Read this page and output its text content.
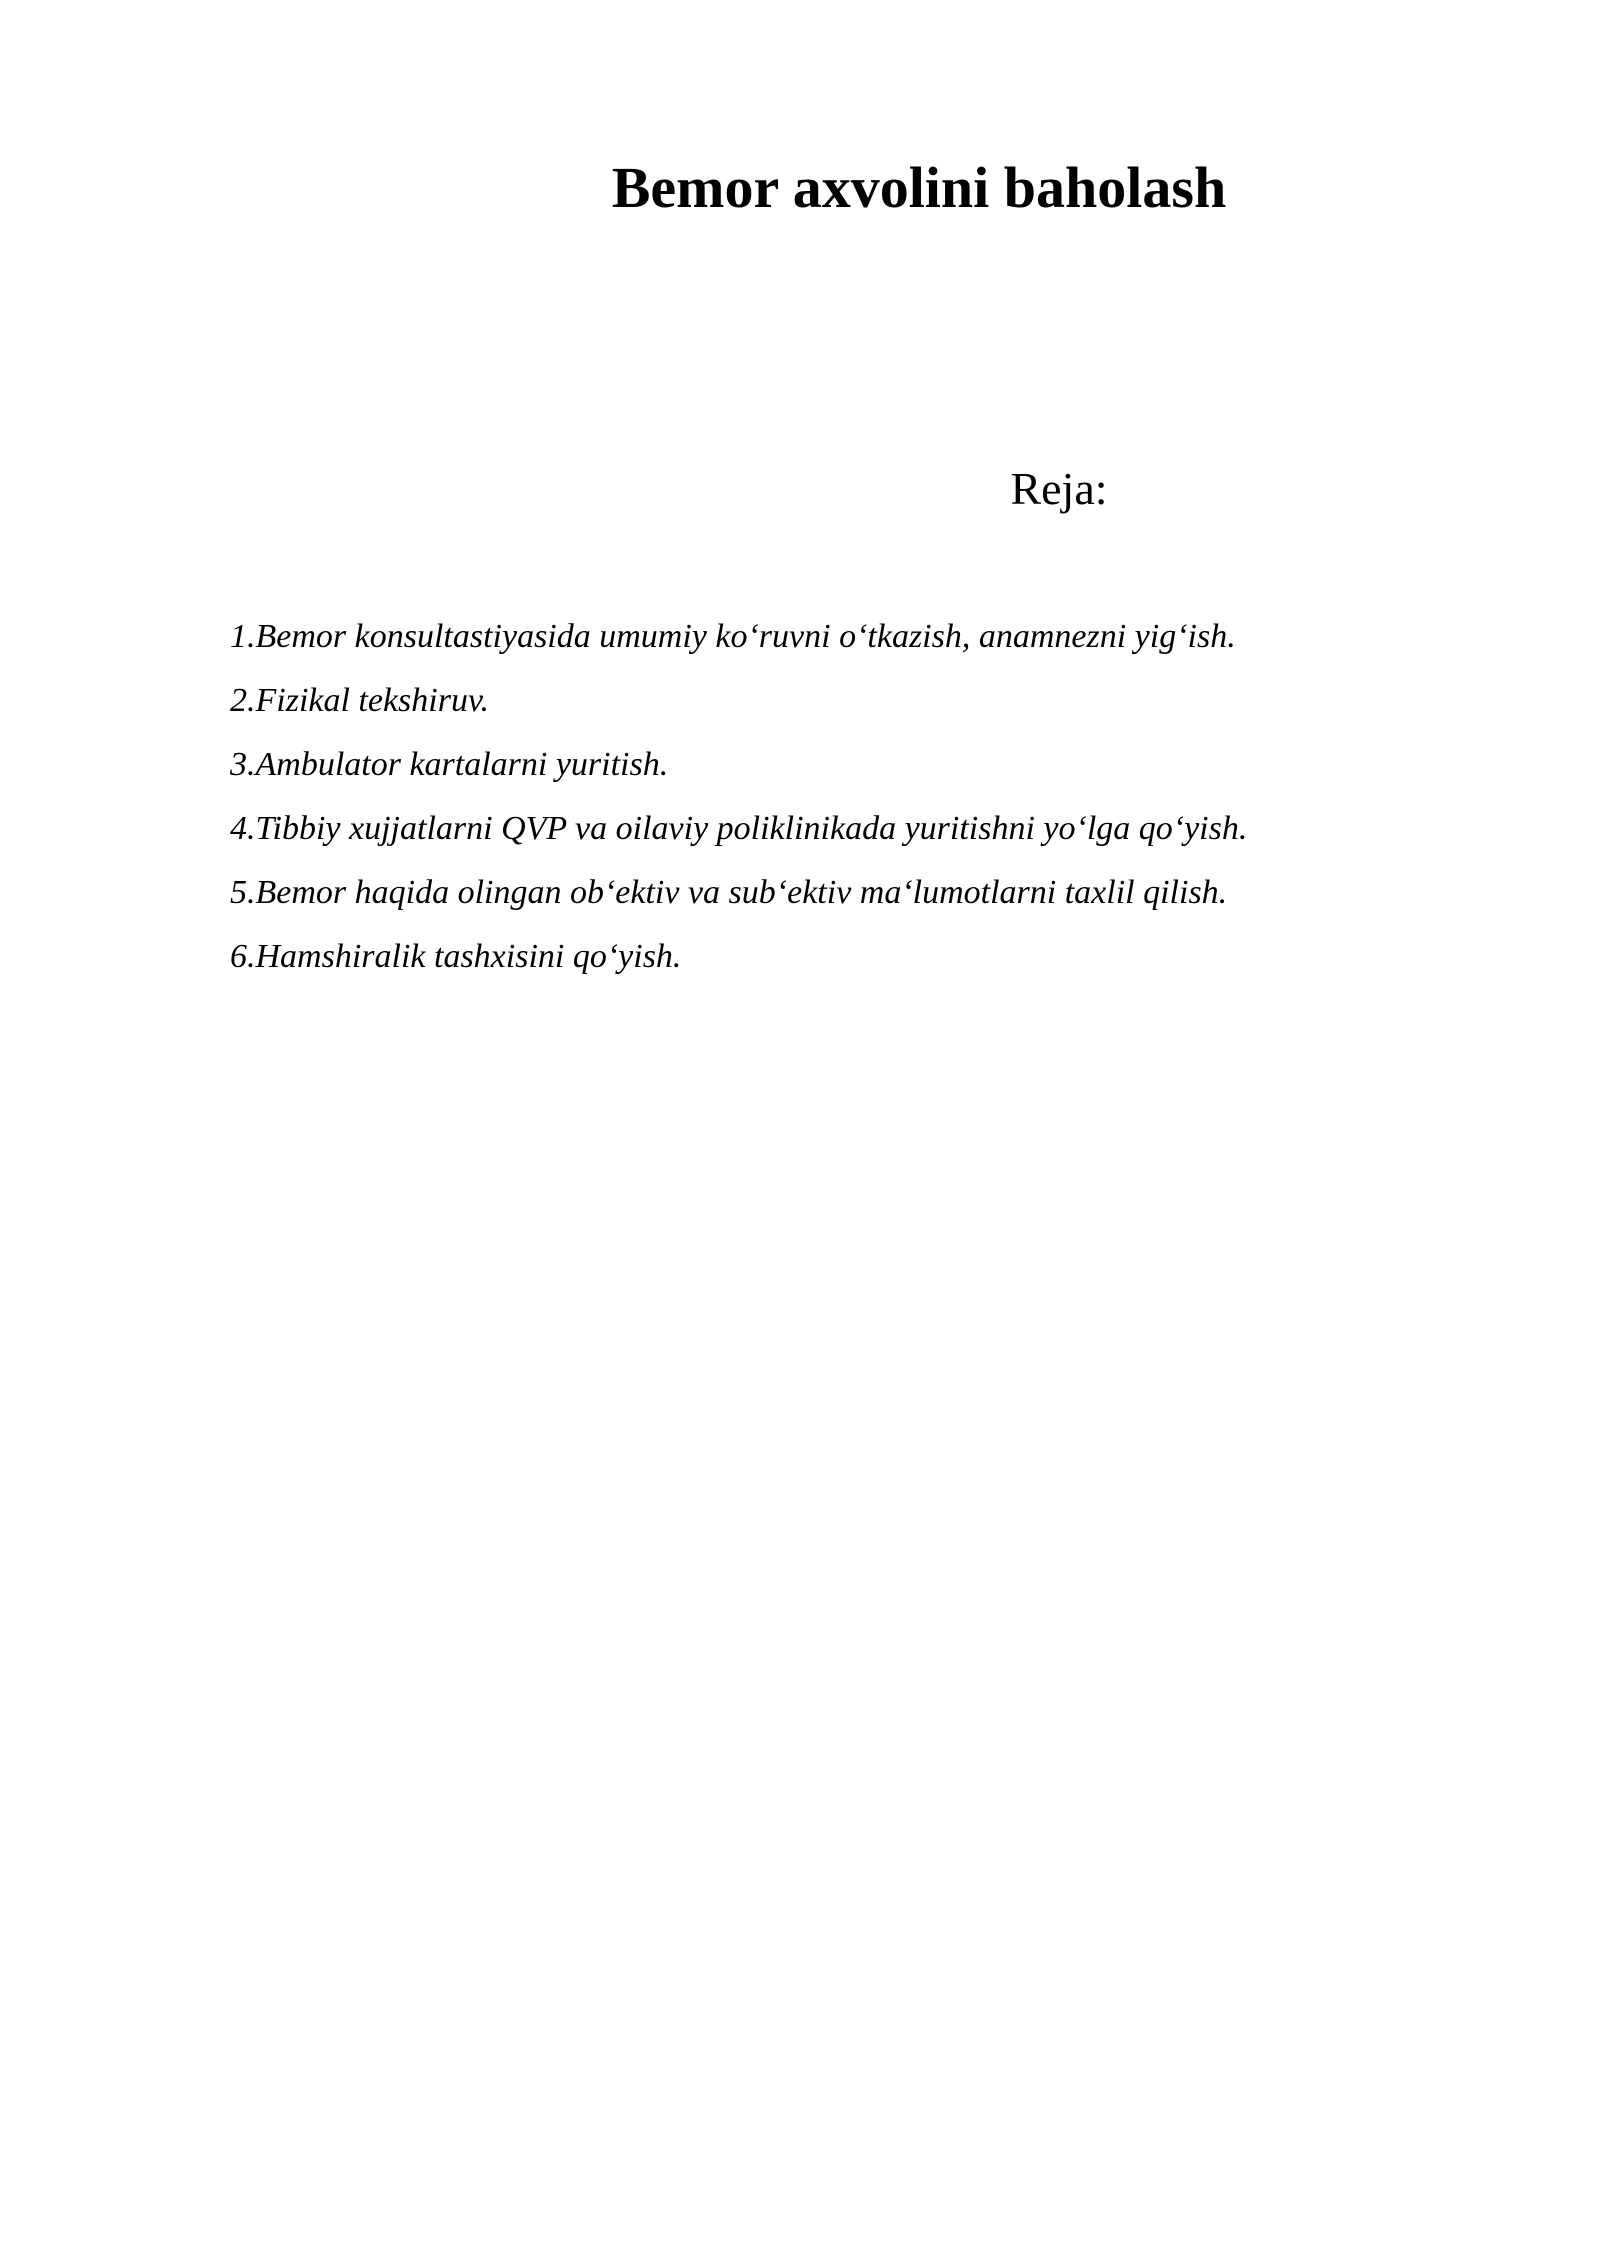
Bemor axvolini baholash
Reja:
1.Bemor konsultastiyasida umumiy ko‘ruvni o‘tkazish, anamnezni yig‘ish.
2.Fizikal tekshiruv.
3.Ambulator kartalarni yuritish.
4.Tibbiy xujjatlarni QVP va oilaviy poliklinikada yuritishni yo‘lga qo‘yish.
5.Bemor haqida olingan ob‘ektiv va sub‘ektiv ma‘lumotlarni taxlil qilish.
6.Hamshiralik tashxisini qo‘yish.
